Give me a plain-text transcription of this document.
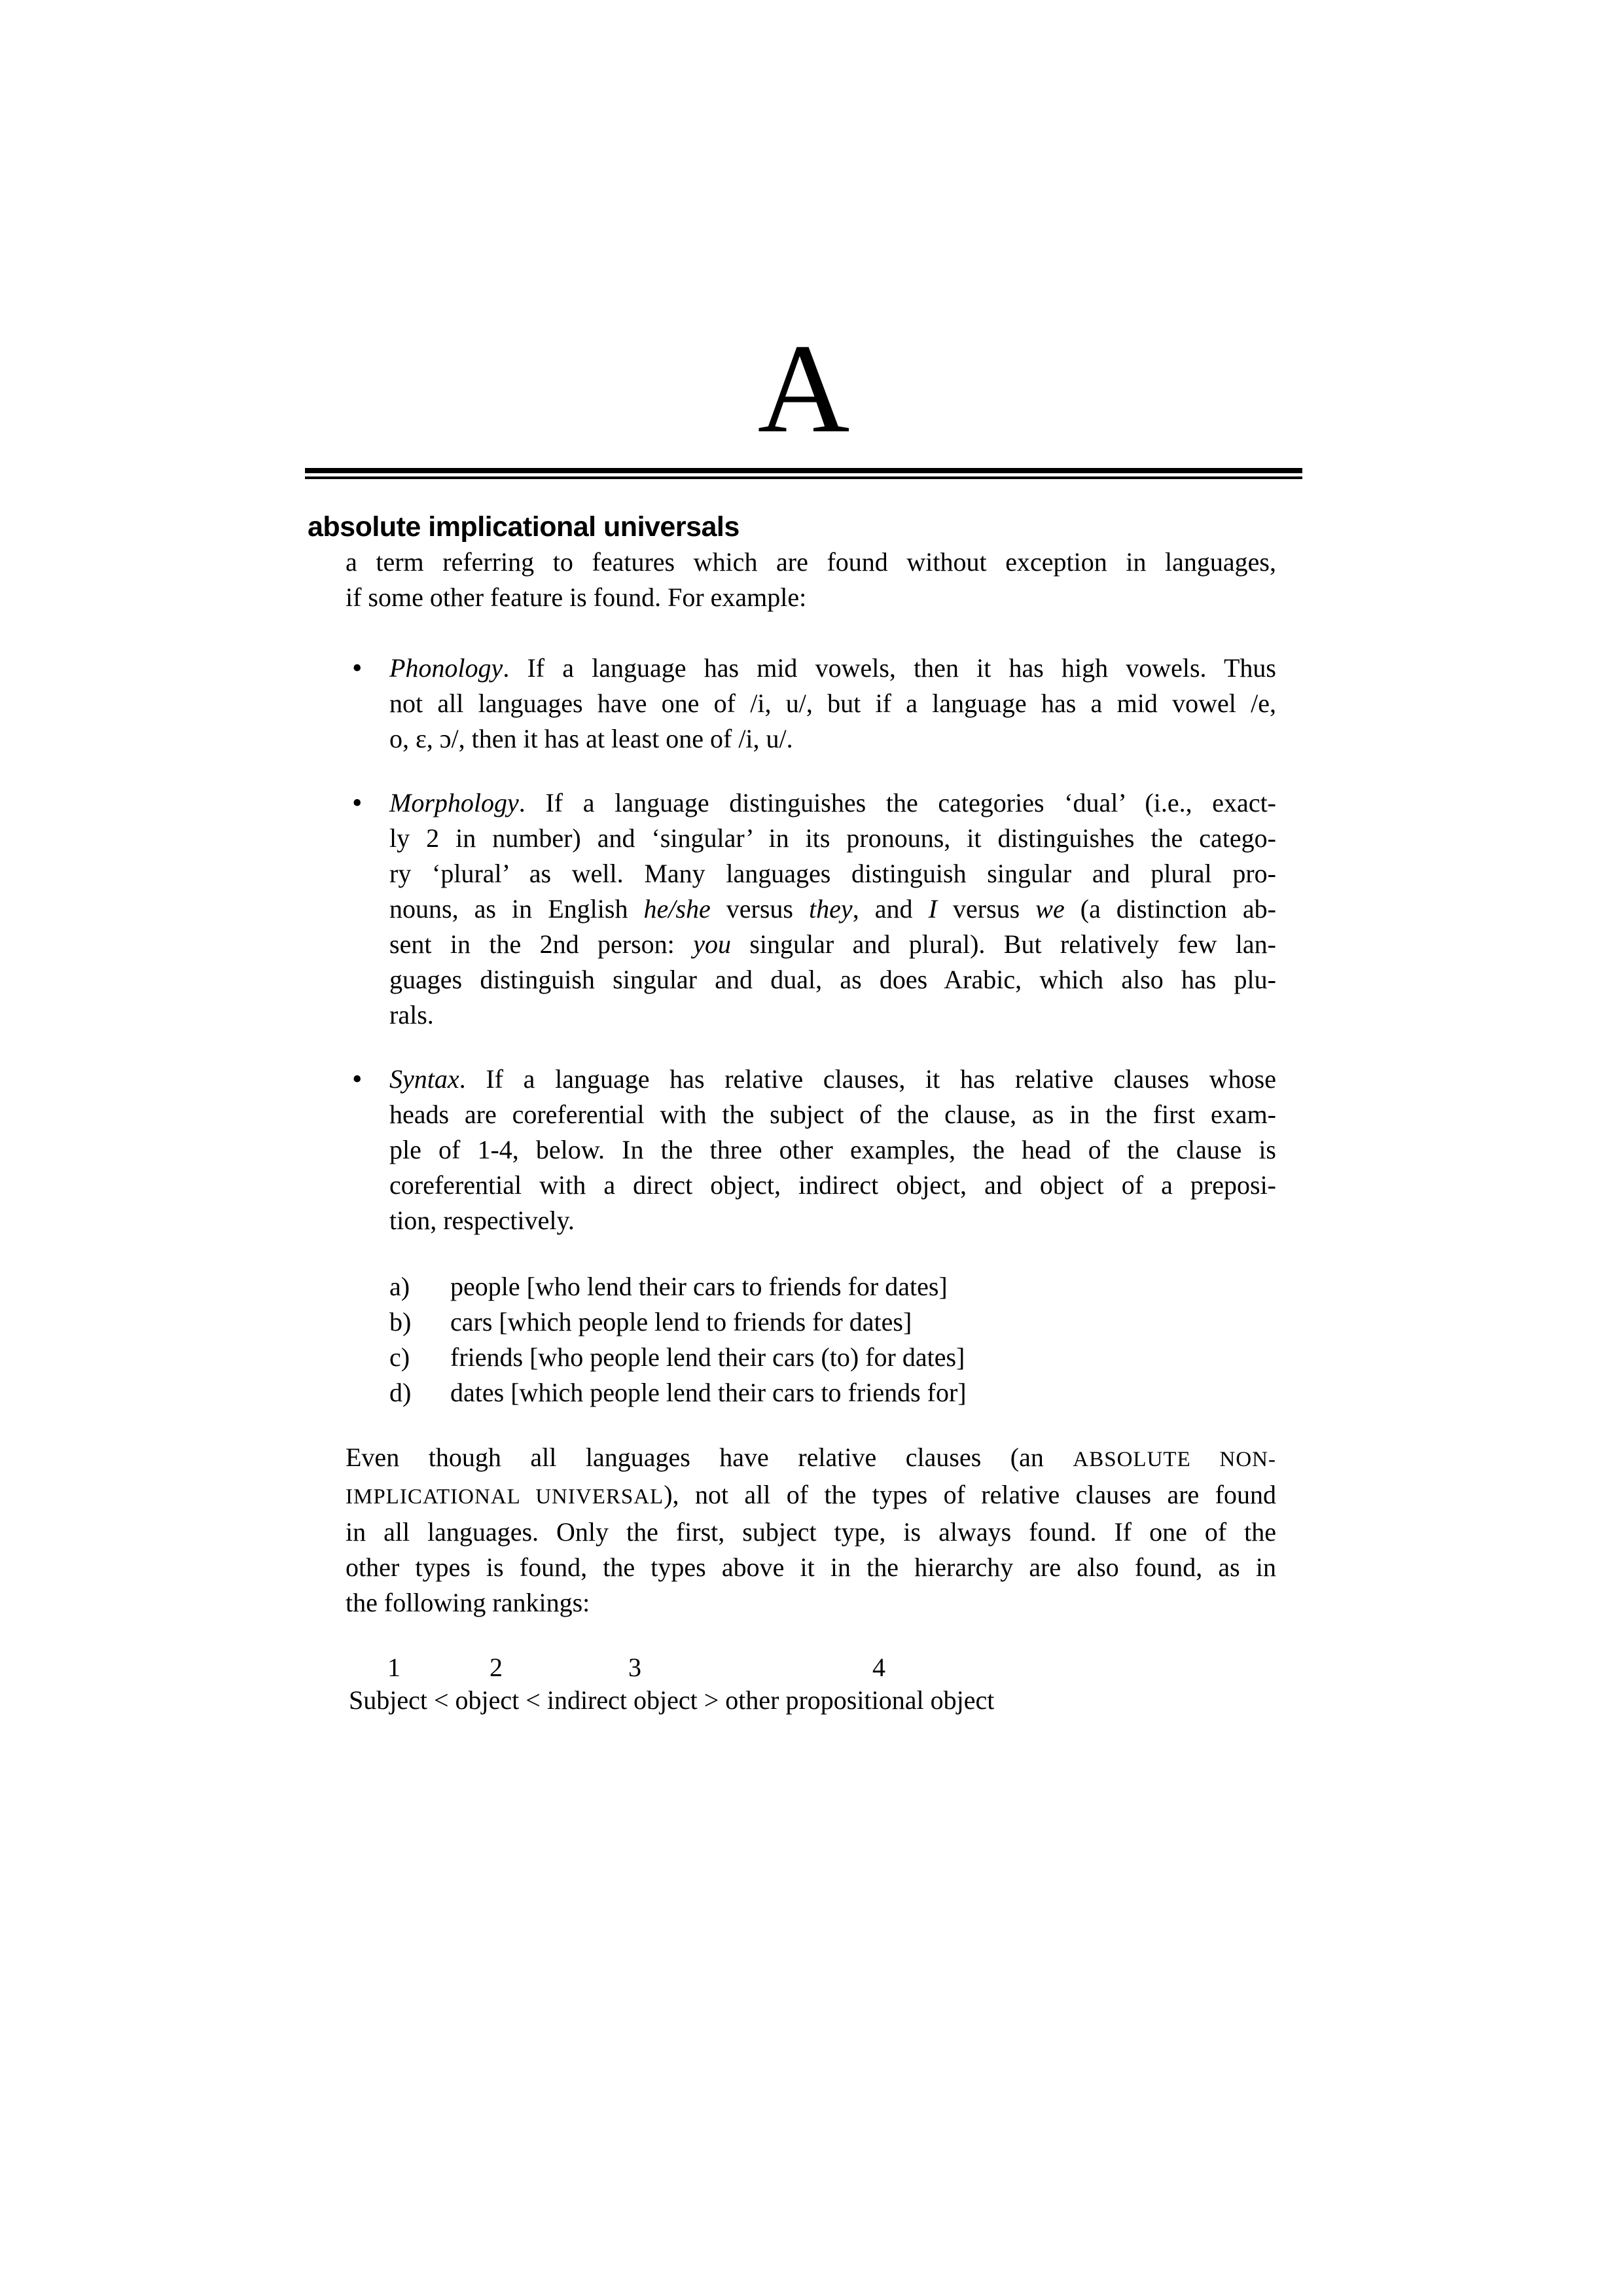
A
absolute implicational universals
a term referring to features which are found without exception in languages,
if some other feature is found. For example:
•
Phonology. If a language has mid vowels, then it has high vowels. Thus
not all languages have one of /i, u/, but if a language has a mid vowel /e,
o, ɛ, ɔ/, then it has at least one of /i, u/.
•
Morphology. If a language distinguishes the categories ‘dual’ (i.e., exact-
ly 2 in number) and ‘singular’ in its pronouns, it distinguishes the catego-
ry ‘plural’ as well. Many languages distinguish singular and plural pro-
nouns, as in English he/she versus they, and I versus we (a distinction ab-
sent in the 2nd person: you singular and plural). But relatively few lan-
guages distinguish singular and dual, as does Arabic, which also has plu-
rals.
•
Syntax. If a language has relative clauses, it has relative clauses whose
heads are coreferential with the subject of the clause, as in the first exam-
ple of 1-4, below. In the three other examples, the head of the clause is
coreferential with a direct object, indirect object, and object of a preposi-
tion, respectively.
a)	people [who lend their cars to friends for dates]
b)	cars [which people lend to friends for dates]
c)	friends [who people lend their cars (to) for dates]
d)	dates [which people lend their cars to friends for]
Even though all languages have relative clauses (an ABSOLUTE NON-
IMPLICATIONAL UNIVERSAL), not all of the types of relative clauses are found
in all languages. Only the first, subject type, is always found. If one of the
other types is found, the types above it in the hierarchy are also found, as in
the following rankings:
1	2	3	4
Subject < object < indirect object > other propositional object
